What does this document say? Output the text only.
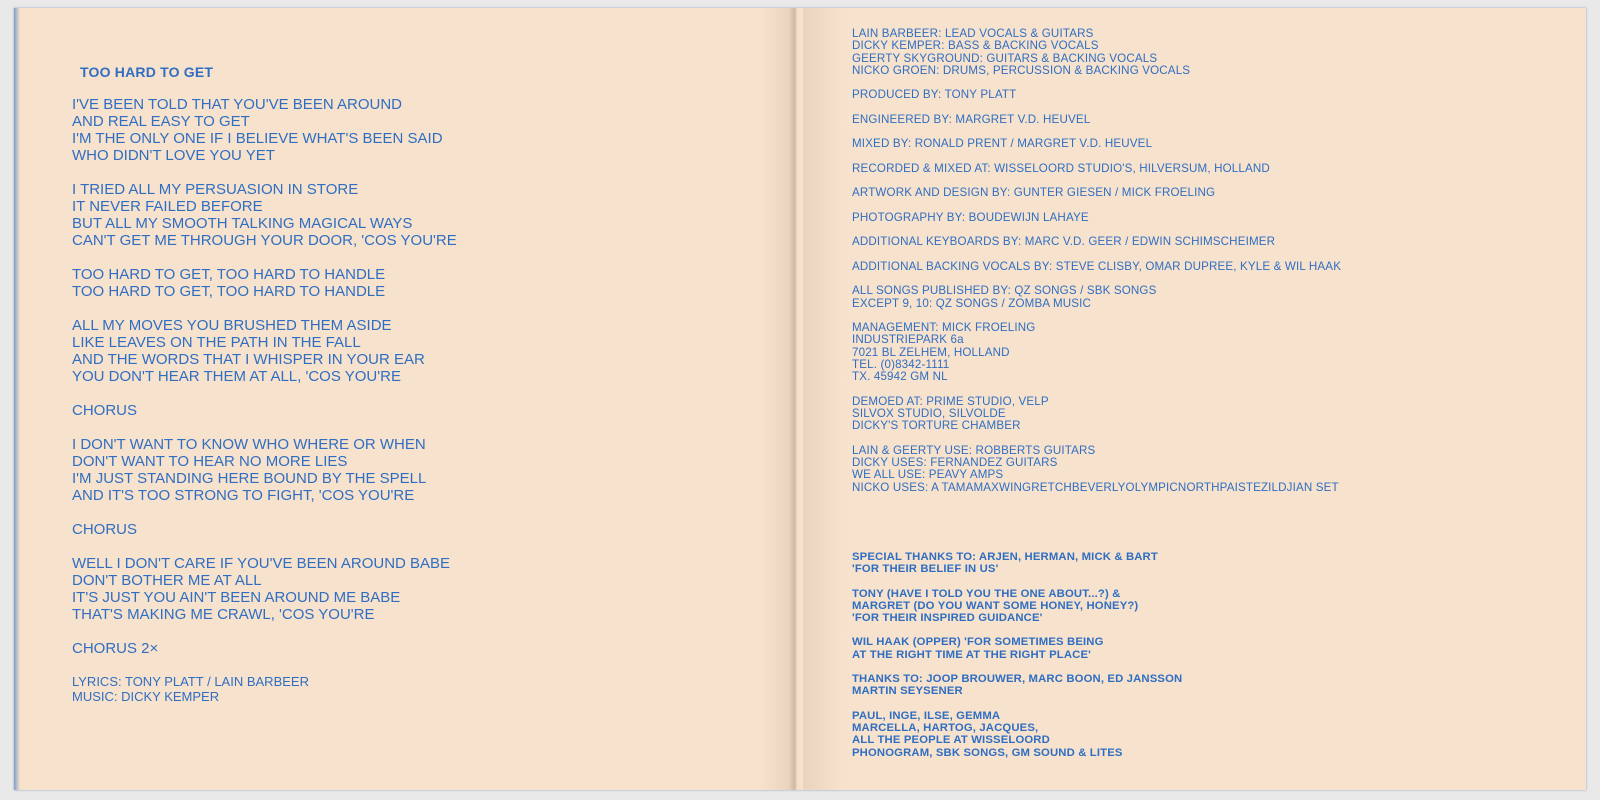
TOO HARD TO GET
I'VE BEEN TOLD THAT YOU'VE BEEN AROUND
AND REAL EASY TO GET
I'M THE ONLY ONE IF I BELIEVE WHAT'S BEEN SAID
WHO DIDN'T LOVE YOU YET
I TRIED ALL MY PERSUASION IN STORE
IT NEVER FAILED BEFORE
BUT ALL MY SMOOTH TALKING MAGICAL WAYS
CAN'T GET ME THROUGH YOUR DOOR, 'COS YOU'RE
TOO HARD TO GET, TOO HARD TO HANDLE
TOO HARD TO GET, TOO HARD TO HANDLE
ALL MY MOVES YOU BRUSHED THEM ASIDE
LIKE LEAVES ON THE PATH IN THE FALL
AND THE WORDS THAT I WHISPER IN YOUR EAR
YOU DON'T HEAR THEM AT ALL, 'COS YOU'RE
CHORUS
I DON'T WANT TO KNOW WHO WHERE OR WHEN
DON'T WANT TO HEAR NO MORE LIES
I'M JUST STANDING HERE BOUND BY THE SPELL
AND IT'S TOO STRONG TO FIGHT, 'COS YOU'RE
CHORUS
WELL I DON'T CARE IF YOU'VE BEEN AROUND BABE
DON'T BOTHER ME AT ALL
IT'S JUST YOU AIN'T BEEN AROUND ME BABE
THAT'S MAKING ME CRAWL, 'COS YOU'RE
CHORUS 2×
LYRICS: TONY PLATT / LAIN BARBEER
MUSIC: DICKY KEMPER
LAIN BARBEER: LEAD VOCALS & GUITARS
DICKY KEMPER: BASS & BACKING VOCALS
GEERTY SKYGROUND: GUITARS & BACKING VOCALS
NICKO GROEN: DRUMS, PERCUSSION & BACKING VOCALS
PRODUCED BY: TONY PLATT
ENGINEERED BY: MARGRET V.D. HEUVEL
MIXED BY: RONALD PRENT / MARGRET V.D. HEUVEL
RECORDED & MIXED AT: WISSELOORD STUDIO'S, HILVERSUM, HOLLAND
ARTWORK AND DESIGN BY: GUNTER GIESEN / MICK FROELING
PHOTOGRAPHY BY: BOUDEWIJN LAHAYE
ADDITIONAL KEYBOARDS BY: MARC V.D. GEER / EDWIN SCHIMSCHEIMER
ADDITIONAL BACKING VOCALS BY: STEVE CLISBY, OMAR DUPREE, KYLE & WIL HAAK
ALL SONGS PUBLISHED BY: QZ SONGS / SBK SONGS
EXCEPT 9, 10: QZ SONGS / ZOMBA MUSIC
MANAGEMENT: MICK FROELING
INDUSTRIEPARK 6a
7021 BL ZELHEM, HOLLAND
TEL. (0)8342-1111
TX. 45942 GM NL
DEMOED AT: PRIME STUDIO, VELP
SILVOX STUDIO, SILVOLDE
DICKY'S TORTURE CHAMBER
LAIN & GEERTY USE: ROBBERTS GUITARS
DICKY USES: FERNANDEZ GUITARS
WE ALL USE: PEAVY AMPS
NICKO USES: A TAMAMAXWINGRETCHBEVERLYOLYMPICNORTHPAISTEZILDJIAN SET
SPECIAL THANKS TO: ARJEN, HERMAN, MICK & BART
'FOR THEIR BELIEF IN US'
TONY (HAVE I TOLD YOU THE ONE ABOUT...?) &
MARGRET (DO YOU WANT SOME HONEY, HONEY?)
'FOR THEIR INSPIRED GUIDANCE'
WIL HAAK (OPPER) 'FOR SOMETIMES BEING
AT THE RIGHT TIME AT THE RIGHT PLACE'
THANKS TO: JOOP BROUWER, MARC BOON, ED JANSSON
MARTIN SEYSENER
PAUL, INGE, ILSE, GEMMA
MARCELLA, HARTOG, JACQUES,
ALL THE PEOPLE AT WISSELOORD
PHONOGRAM, SBK SONGS, GM SOUND & LITES
